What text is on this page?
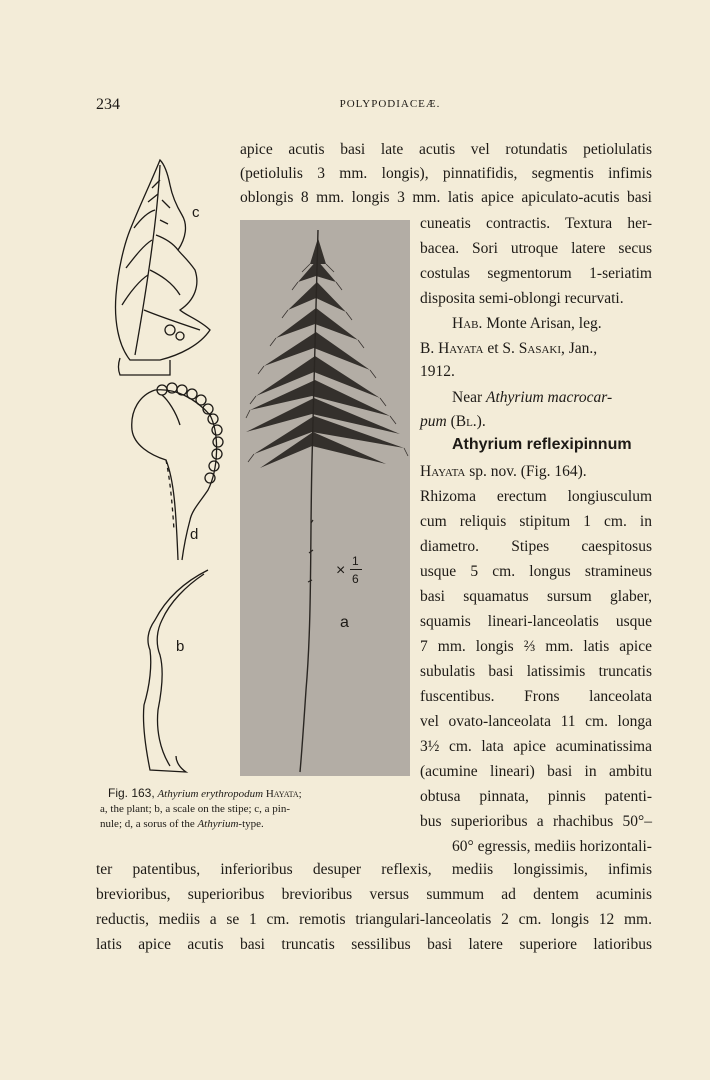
234	POLYPODIACEÆ.
apice acutis basi late acutis vel rotundatis petiolulatis
(petiolulis 3 mm. longis), pinnatifidis, segmentis infimis
oblongis 8 mm. longis 3 mm. latis apice apiculato-acutis basi
c
d
b
×
1
6
a
cuneatis contractis. Textura her-
bacea. Sori utroque latere secus
costulas segmentorum 1-seriatim
disposita semi-oblongi recurvati.
Hab. Monte Arisan, leg.
B. Hayata et S. Sasaki, Jan.,
1912.
Near Athyrium macrocar-
pum (Bl.).
Athyrium reflexipinnum
Hayata sp. nov. (Fig. 164).
Rhizoma erectum longiusculum
cum reliquis stipitum 1 cm. in
diametro. Stipes caespitosus
usque 5 cm. longus stramineus
basi squamatus sursum glaber,
squamis lineari-lanceolatis usque
7 mm. longis ⅔ mm. latis apice
subulatis basi latissimis truncatis
fuscentibus. Frons lanceolata
vel ovato-lanceolata 11 cm. longa
3½ cm. lata apice acuminatissima
(acumine lineari) basi in ambitu
obtusa pinnata, pinnis patenti-
bus superioribus a rhachibus 50°–
60° egressis, mediis horizontali-
Fig. 163, Athyrium erythropodum Hayata;
a, the plant; b, a scale on the stipe; c, a pin-
nule; d, a sorus of the Athyrium-type.
ter patentibus, inferioribus desuper reflexis, mediis longissimis, infimis
brevioribus, superioribus brevioribus versus summum ad dentem acuminis
reductis, mediis a se 1 cm. remotis triangulari-lanceolatis 2 cm. longis 12 mm.
latis apice acutis basi truncatis sessilibus basi latere superiore latioribus
